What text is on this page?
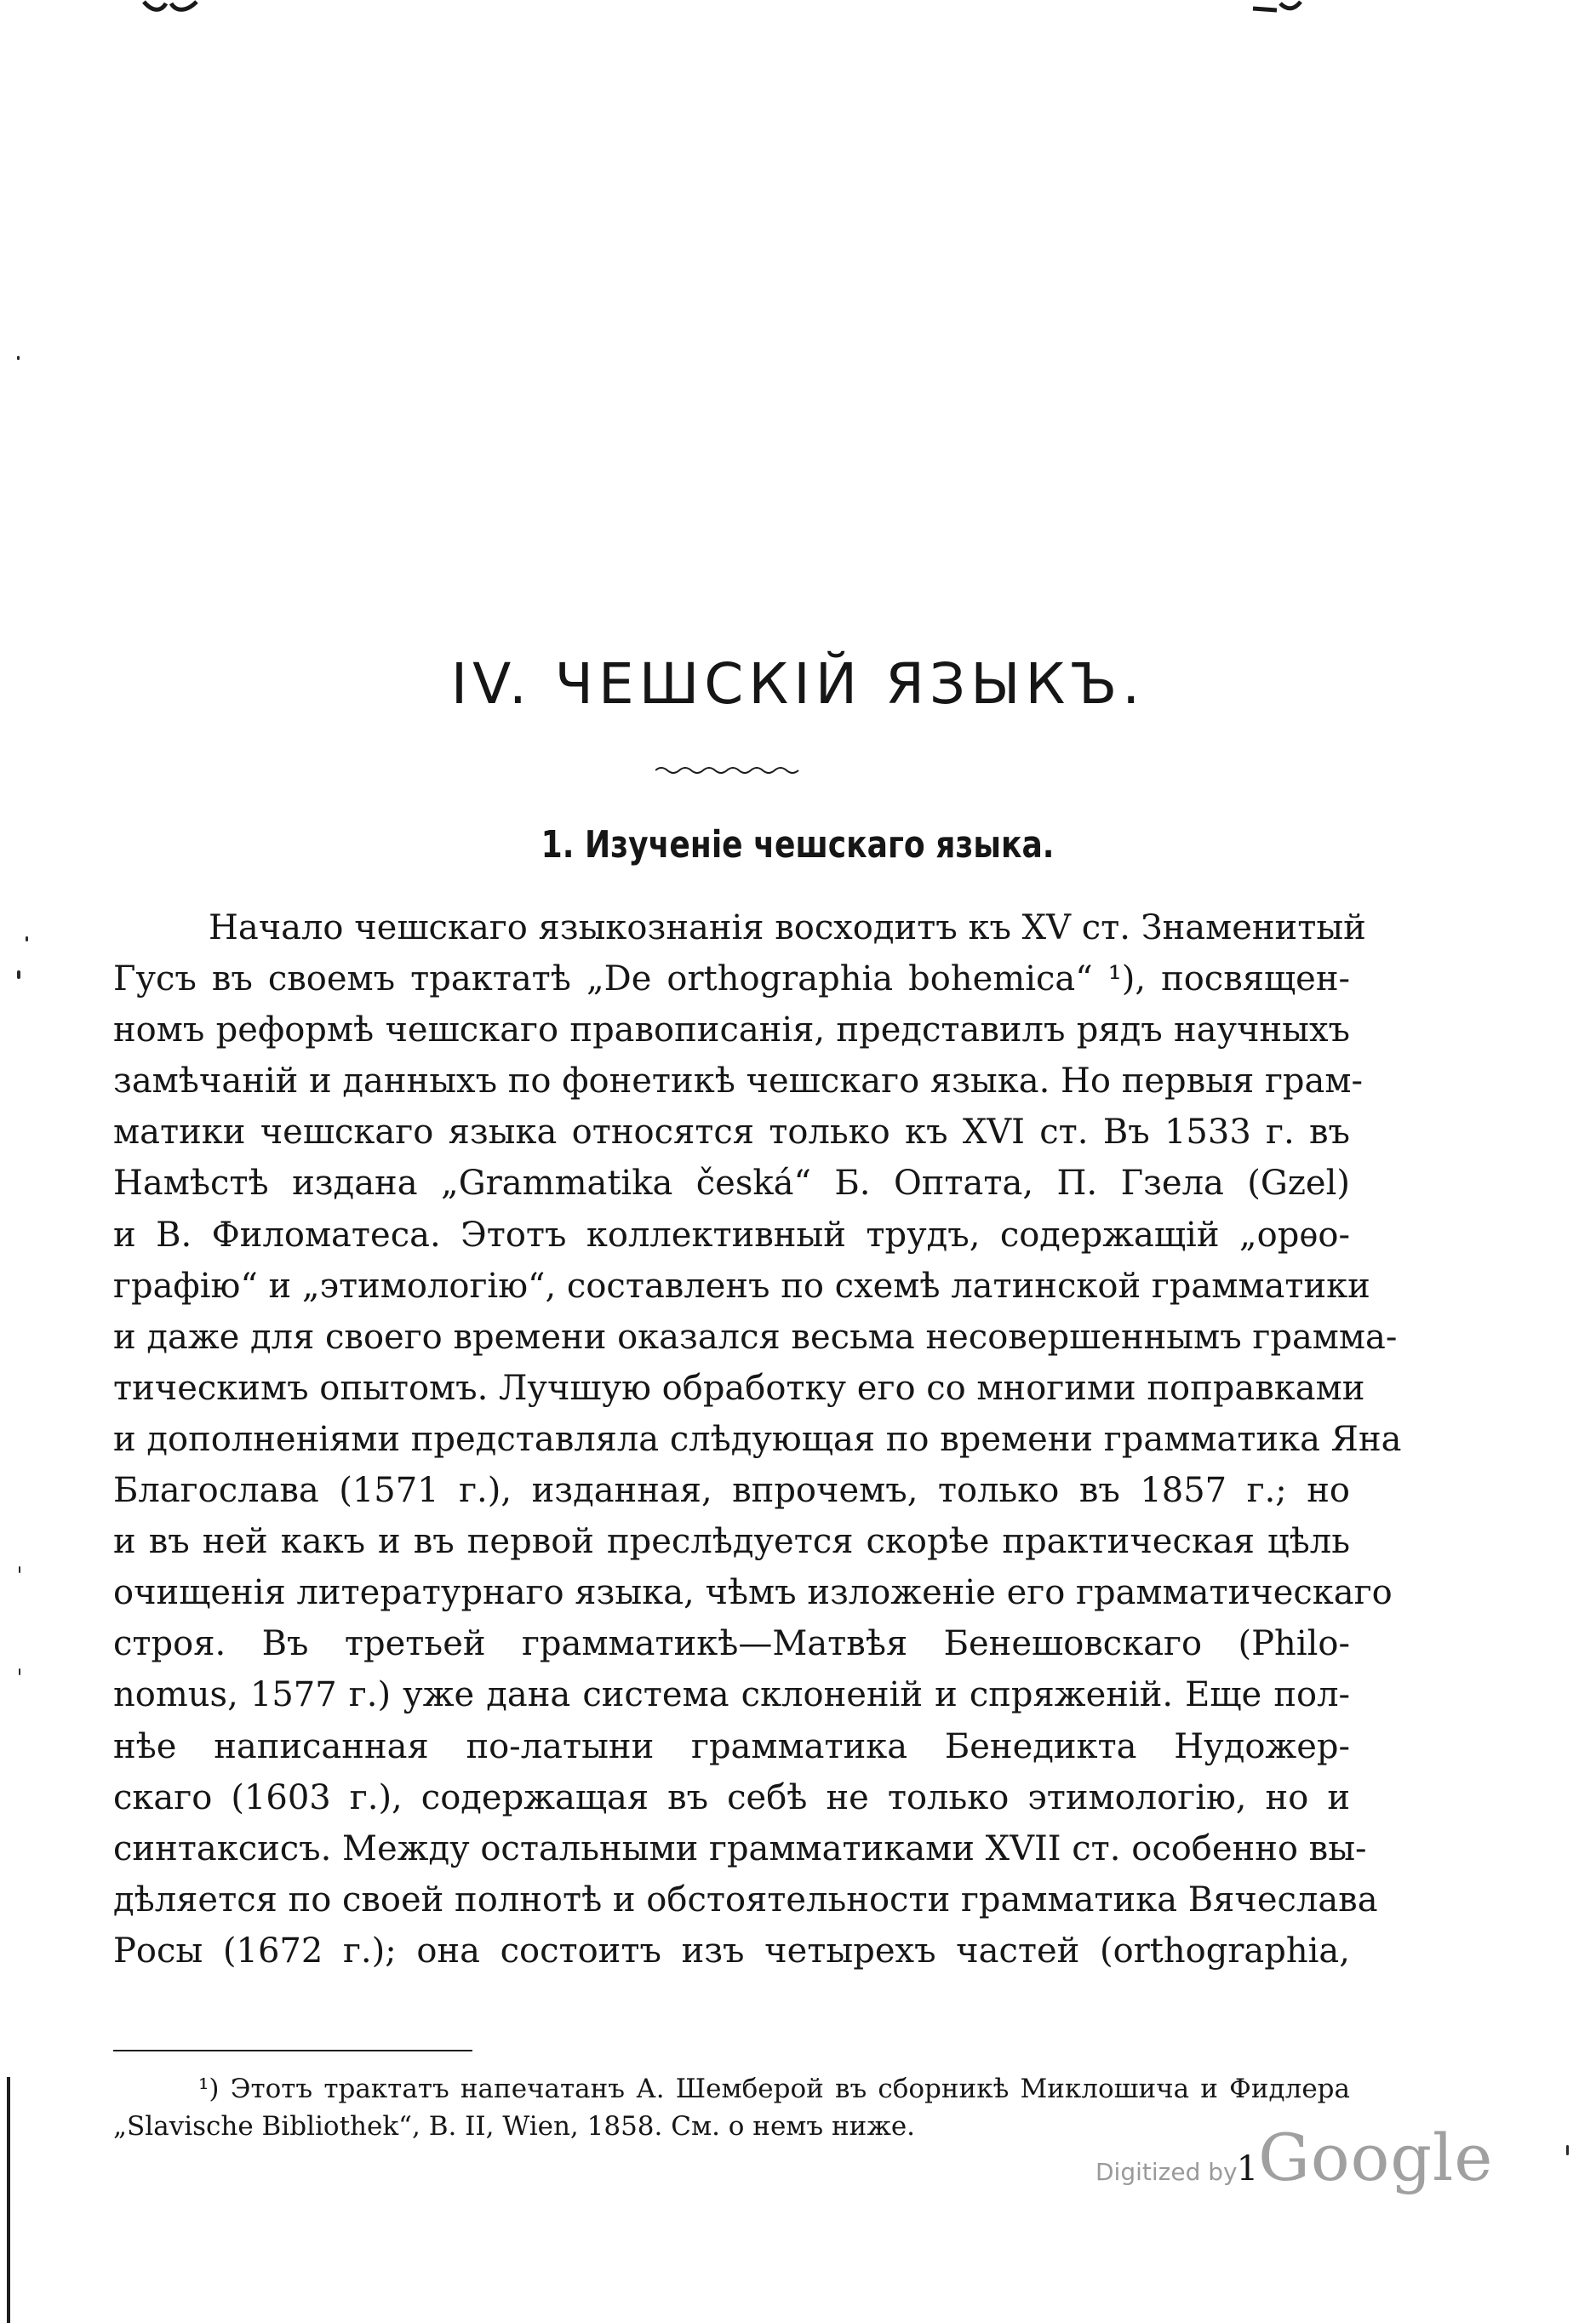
IV. ЧЕШСКІЙ ЯЗЫКЪ.
1. Изученіе чешскаго языка.
Начало чешскаго языкознанія восходитъ къ XV ст. Знаменитый
Гусъ въ своемъ трактатѣ „De orthographia bohemica“ ¹), посвящен-
номъ реформѣ чешскаго правописанія, представилъ рядъ научныхъ
замѣчаній и данныхъ по фонетикѣ чешскаго языка. Но первыя грам-
матики чешскаго языка относятся только къ XVI ст. Въ 1533 г. въ
Намѣстѣ издана „Grammatika česká“ Б. Оптата, П. Гзела (Gzel)
и В. Филоматеса. Этотъ коллективный трудъ, содержащій „орѳо-
графію“ и „этимологію“, составленъ по схемѣ латинской грамматики
и даже для своего времени оказался весьма несовершеннымъ грамма-
тическимъ опытомъ. Лучшую обработку его со многими поправками
и дополненіями представляла слѣдующая по времени грамматика Яна
Благослава (1571 г.), изданная, впрочемъ, только въ 1857 г.; но
и въ ней какъ и въ первой преслѣдуется скорѣе практическая цѣль
очищенія литературнаго языка, чѣмъ изложеніе его грамматическаго
строя. Въ третьей грамматикѣ—Матвѣя Бенешовскаго (Philo-
nomus, 1577 г.) уже дана система склоненій и спряженій. Еще пол-
нѣе написанная по-латыни грамматика Бенедикта Нудожер-
скаго (1603 г.), содержащая въ себѣ не только этимологію, но и
синтаксисъ. Между остальными грамматиками XVII ст. особенно вы-
дѣляется по своей полнотѣ и обстоятельности грамматика Вячеслава
Росы (1672 г.); она состоитъ изъ четырехъ частей (orthographia,
¹) Этотъ трактатъ напечатанъ А. Шемберой въ сборникѣ Миклошича и Фидлера
„Slavische Bibliothek“, В. II, Wien, 1858. См. о немъ ниже.
Digitized by 1Google
